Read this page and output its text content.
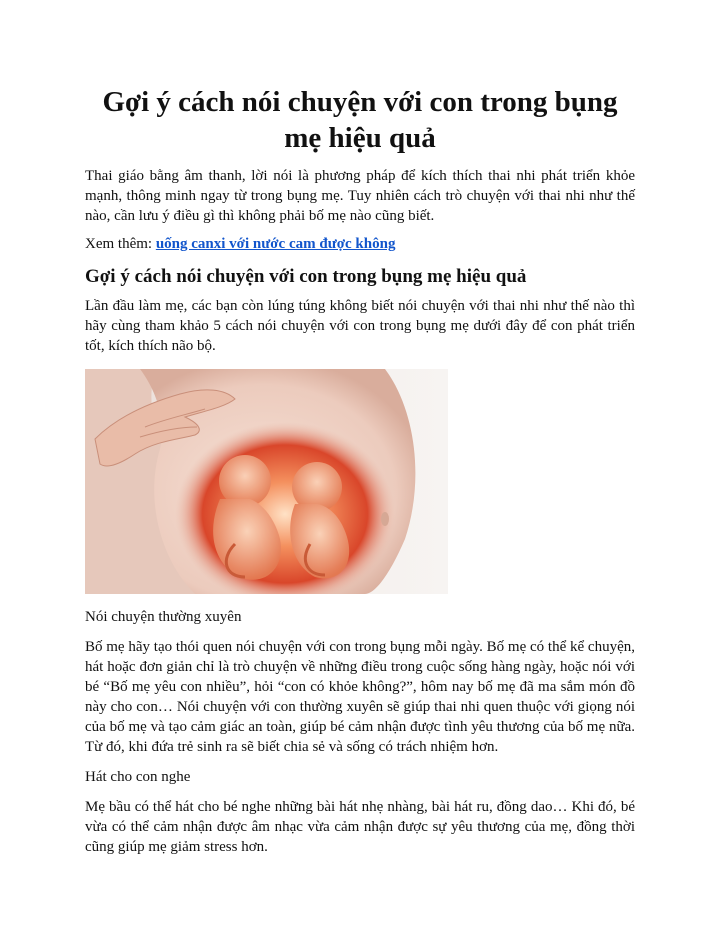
Gợi ý cách nói chuyện với con trong bụng mẹ hiệu quả

Thai giáo bằng âm thanh, lời nói là phương pháp để kích thích thai nhi phát triển khỏe mạnh, thông minh ngay từ trong bụng mẹ. Tuy nhiên cách trò chuyện với thai nhi như thế nào, cần lưu ý điều gì thì không phải bố mẹ nào cũng biết.

Xem thêm: uống canxi với nước cam được không

Gợi ý cách nói chuyện với con trong bụng mẹ hiệu quả

Lần đầu làm mẹ, các bạn còn lúng túng không biết nói chuyện với thai nhi như thế nào thì hãy cùng tham khảo 5 cách nói chuyện với con trong bụng mẹ dưới đây để con phát triển tốt, kích thích não bộ.

Nói chuyện thường xuyên

Bố mẹ hãy tạo thói quen nói chuyện với con trong bụng mỗi ngày. Bố mẹ có thể kể chuyện, hát hoặc đơn giản chỉ là trò chuyện về những điều trong cuộc sống hàng ngày, hoặc nói với bé “Bố mẹ yêu con nhiều”, hỏi “con có khỏe không?”, hôm nay bố mẹ đã ma sắm món đồ này cho con… Nói chuyện với con thường xuyên sẽ giúp thai nhi quen thuộc với giọng nói của bố mẹ và tạo cảm giác an toàn, giúp bé cảm nhận được tình yêu thương của bố mẹ nữa. Từ đó, khi đứa trẻ sinh ra sẽ biết chia sẻ và sống có trách nhiệm hơn.

Hát cho con nghe

Mẹ bầu có thể hát cho bé nghe những bài hát nhẹ nhàng, bài hát ru, đồng dao… Khi đó, bé vừa có thể cảm nhận được âm nhạc vừa cảm nhận được sự yêu thương của mẹ, đồng thời cũng giúp mẹ giảm stress hơn.
